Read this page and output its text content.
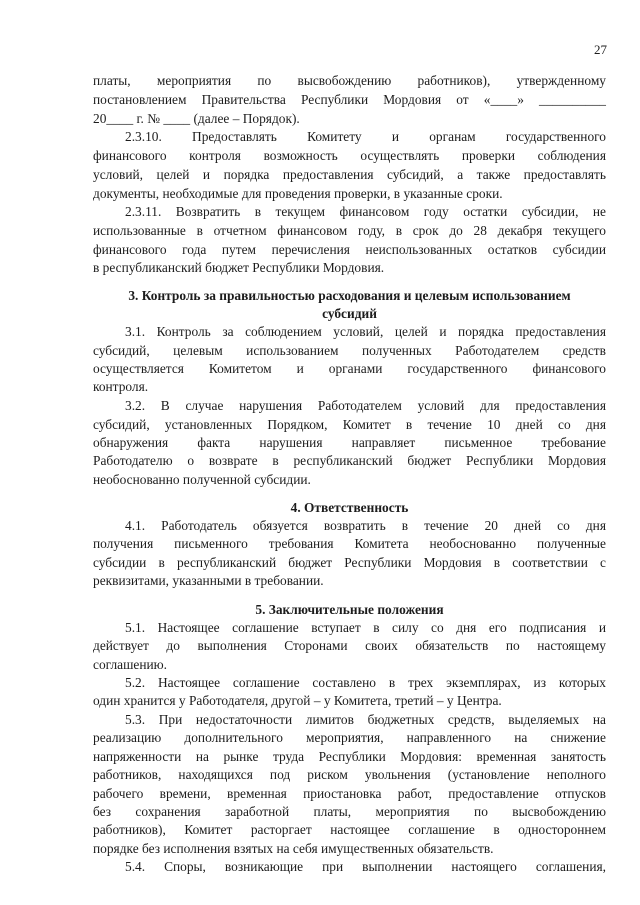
27
платы, мероприятия по высвобождению работников), утвержденному
постановлением Правительства Республики Мордовия от «____» __________
20____ г. № ____ (далее – Порядок).
2.3.10. Предоставлять Комитету и органам государственного
финансового контроля возможность осуществлять проверки соблюдения
условий, целей и порядка предоставления субсидий, а также предоставлять
документы, необходимые для проведения проверки, в указанные сроки.
2.3.11. Возвратить в текущем финансовом году остатки субсидии, не
использованные в отчетном финансовом году, в срок до 28 декабря текущего
финансового года путем перечисления неиспользованных остатков субсидии
в республиканский бюджет Республики Мордовия.
3. Контроль за правильностью расходования и целевым использованием
субсидий
3.1. Контроль за соблюдением условий, целей и порядка предоставления
субсидий, целевым использованием полученных Работодателем средств
осуществляется Комитетом и органами государственного финансового
контроля.
3.2. В случае нарушения Работодателем условий для предоставления
субсидий, установленных Порядком, Комитет в течение 10 дней со дня
обнаружения факта нарушения направляет письменное требование
Работодателю о возврате в республиканский бюджет Республики Мордовия
необоснованно полученной субсидии.
4. Ответственность
4.1. Работодатель обязуется возвратить в течение 20 дней со дня
получения письменного требования Комитета необоснованно полученные
субсидии в республиканский бюджет Республики Мордовия в соответствии с
реквизитами, указанными в требовании.
5. Заключительные положения
5.1. Настоящее соглашение вступает в силу со дня его подписания и
действует до выполнения Сторонами своих обязательств по настоящему
соглашению.
5.2. Настоящее соглашение составлено в трех экземплярах, из которых
один хранится у Работодателя, другой – у Комитета, третий – у Центра.
5.3. При недостаточности лимитов бюджетных средств, выделяемых на
реализацию дополнительного мероприятия, направленного на снижение
напряженности на рынке труда Республики Мордовия: временная занятость
работников, находящихся под риском увольнения (установление неполного
рабочего времени, временная приостановка работ, предоставление отпусков
без сохранения заработной платы, мероприятия по высвобождению
работников), Комитет расторгает настоящее соглашение в одностороннем
порядке без исполнения взятых на себя имущественных обязательств.
5.4. Споры, возникающие при выполнении настоящего соглашения,
